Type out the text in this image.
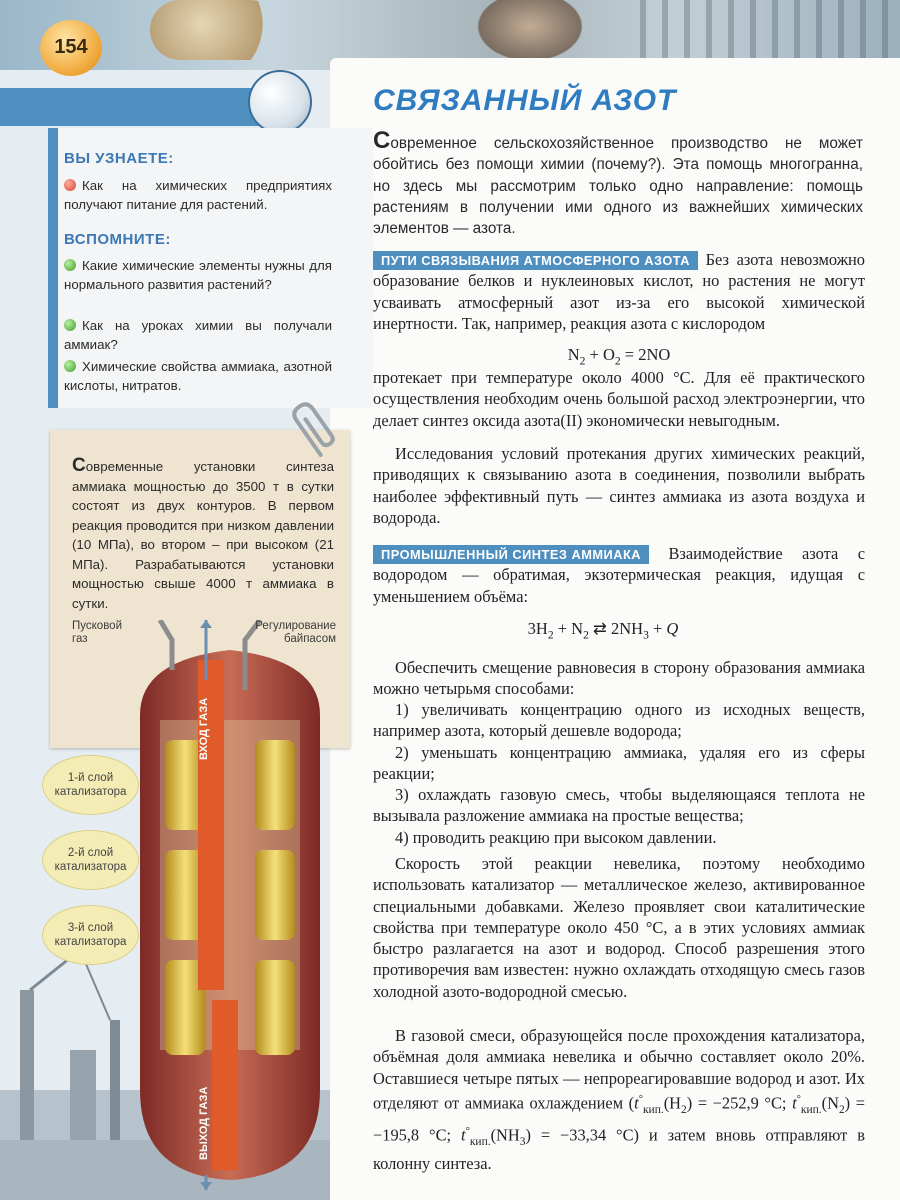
154
ВЫ УЗНАЕТЕ:
Как на химических предприятиях получают питание для растений.
ВСПОМНИТЕ:
Какие химические элементы нужны для нормального развития растений?
Как на уроках химии вы получали аммиак?
Химические свойства аммиака, азотной кислоты, нитратов.
Современные установки синтеза аммиака мощностью до 3500 т в сутки состоят из двух контуров. В первом реакция проводится при низком давлении (10 МПа), во втором – при высоком (21 МПа). Разрабатываются установки мощностью свыше 4000 т аммиака в сутки.
Пусковой
газ
Регулирование
байпасом
ВХОД ГАЗА
ВЫХОД ГАЗА
1-й слой
катализатора
2-й слой
катализатора
3-й слой
катализатора
СВЯЗАННЫЙ АЗОТ
Современное сельскохозяйственное производство не может обойтись без помощи химии (почему?). Эта помощь многогранна, но здесь мы рассмотрим только одно направление: помощь растениям в получении ими одного из важнейших химических элементов — азота.
ПУТИ СВЯЗЫВАНИЯ АТМОСФЕРНОГО АЗОТА Без азота невозможно образование белков и нуклеиновых кислот, но растения не могут усваивать атмосферный азот из-за его высокой химической инертности. Так, например, реакция азота с кислородом
$N_2 + O_2 = 2NO$
протекает при температуре около 4000 °С. Для её практического осуществления необходим очень большой расход электроэнергии, что делает синтез оксида азота(II) экономически невыгодным.
Исследования условий протекания других химических реакций, приводящих к связыванию азота в соединения, позволили выбрать наиболее эффективный путь — синтез аммиака из азота воздуха и водорода.
ПРОМЫШЛЕННЫЙ СИНТЕЗ АММИАКА Взаимодействие азота с водородом — обратимая, экзотермическая реакция, идущая с уменьшением объёма:
$3H_2 + N_2$ ⇄ $2NH_3 + Q$
Обеспечить смещение равновесия в сторону образования аммиака можно четырьмя способами:
1) увеличивать концентрацию одного из исходных веществ, например азота, который дешевле водорода;
2) уменьшать концентрацию аммиака, удаляя его из сферы реакции;
3) охлаждать газовую смесь, чтобы выделяющаяся теплота не вызывала разложение аммиака на простые вещества;
4) проводить реакцию при высоком давлении.
Скорость этой реакции невелика, поэтому необходимо использовать катализатор — металлическое железо, активированное специальными добавками. Железо проявляет свои каталитические свойства при температуре около 450 °С, а в этих условиях аммиак быстро разлагается на азот и водород. Способ разрешения этого противоречия вам известен: нужно охлаждать отходящую смесь газов холодной азото-водородной смесью.
В газовой смеси, образующейся после прохождения катализатора, объёмная доля аммиака невелика и обычно составляет около 20%. Оставшиеся четыре пятых — непрореагировавшие водород и азот. Их отделяют от аммиака охлаждением ($t^\circ_{кип.}(H_2) = -252,9$ °С; $t^\circ_{кип.}(N_2) = -195,8$ °С; $t^\circ_{кип.}(NH_3) = -33,34$ °С) и затем вновь отправляют в колонну синтеза.
